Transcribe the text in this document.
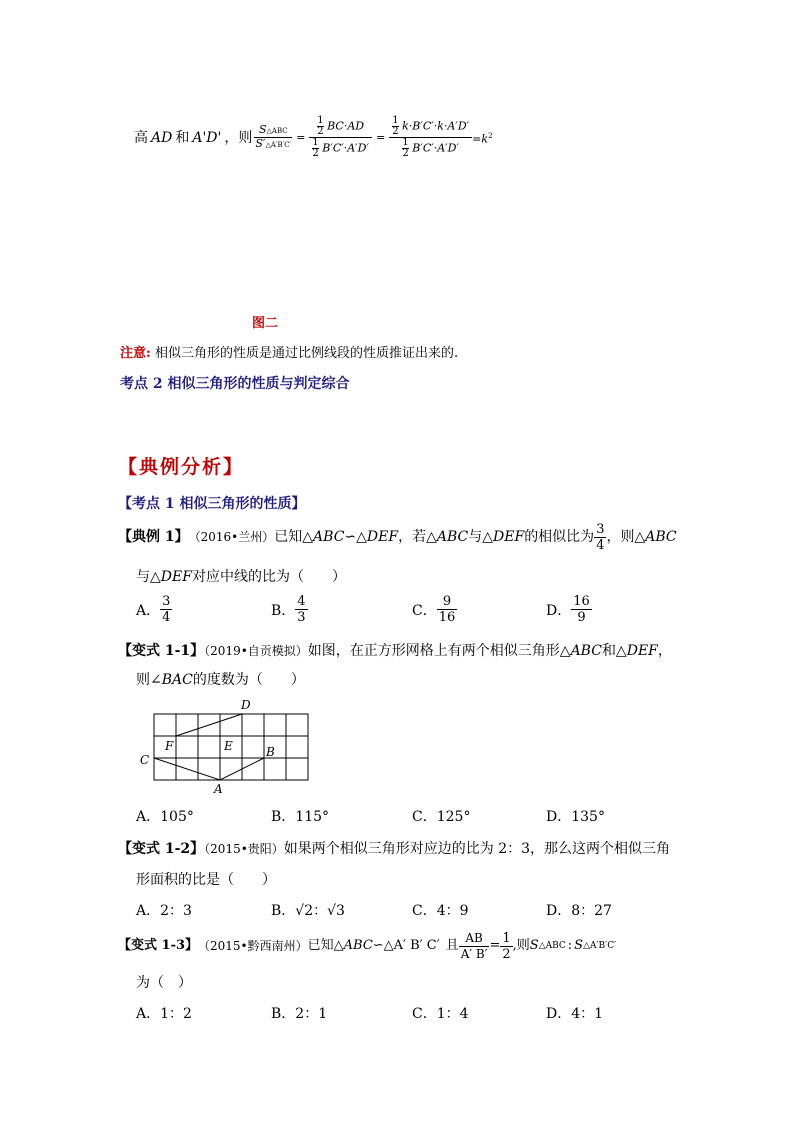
高 AD 和 A'D' ，则 $\frac{\text{S△ABC}}{S'\triangle A'B'C'} = \frac{\frac{1}{2} BC\cdot AD}{\frac{1}{2} B'C'\cdot A'D'} = \frac{\frac{1}{2} k\cdot B'C'\cdot k\cdot A'D'}{\frac{1}{2} B'C'\cdot A'D'} =k^2$
图二
注意: 相似三角形的性质是通过比例线段的性质推证出来的.
考点 2 相似三角形的性质与判定综合
【典例分析】
【考点 1 相似三角形的性质】
【典例 1】 （2016•兰州） 已知△ ABC ∽△ DEF ，若△ ABC 与△ DEF 的相似比为 $\frac{3}{4}$ ，则△ ABC
与△DEF对应中线的比为（　　）
A． $\frac{3}{4}$	B． $\frac{4}{3}$	C． $\frac{9}{16}$	D． $\frac{16}{9}$
【变式 1-1】（2019•自贡模拟）如图，在正方形网格上有两个相似三角形△ABC和△DEF，
则∠BAC的度数为（　　）
D
F	E	B
C
A
A．105°	B．115°	C．125°	D．135°
【变式 1-2】（2015•贵阳）如果两个相似三角形对应边的比为 2：3，那么这两个相似三角
形面积的比是（　　）
A．2：3	B．√2：√3	C．4：9	D．8：27
【变式 1-3】 （2015•黔西南州） 已知△ ABC ∽△A′ B′ C′ 且 $\frac{AB}{A' B'} = \frac{1}{2}$ ,则 S △ABC : S △A′B′C′
为（　）
A．1：2	B．2：1	C．1：4	D．4：1
